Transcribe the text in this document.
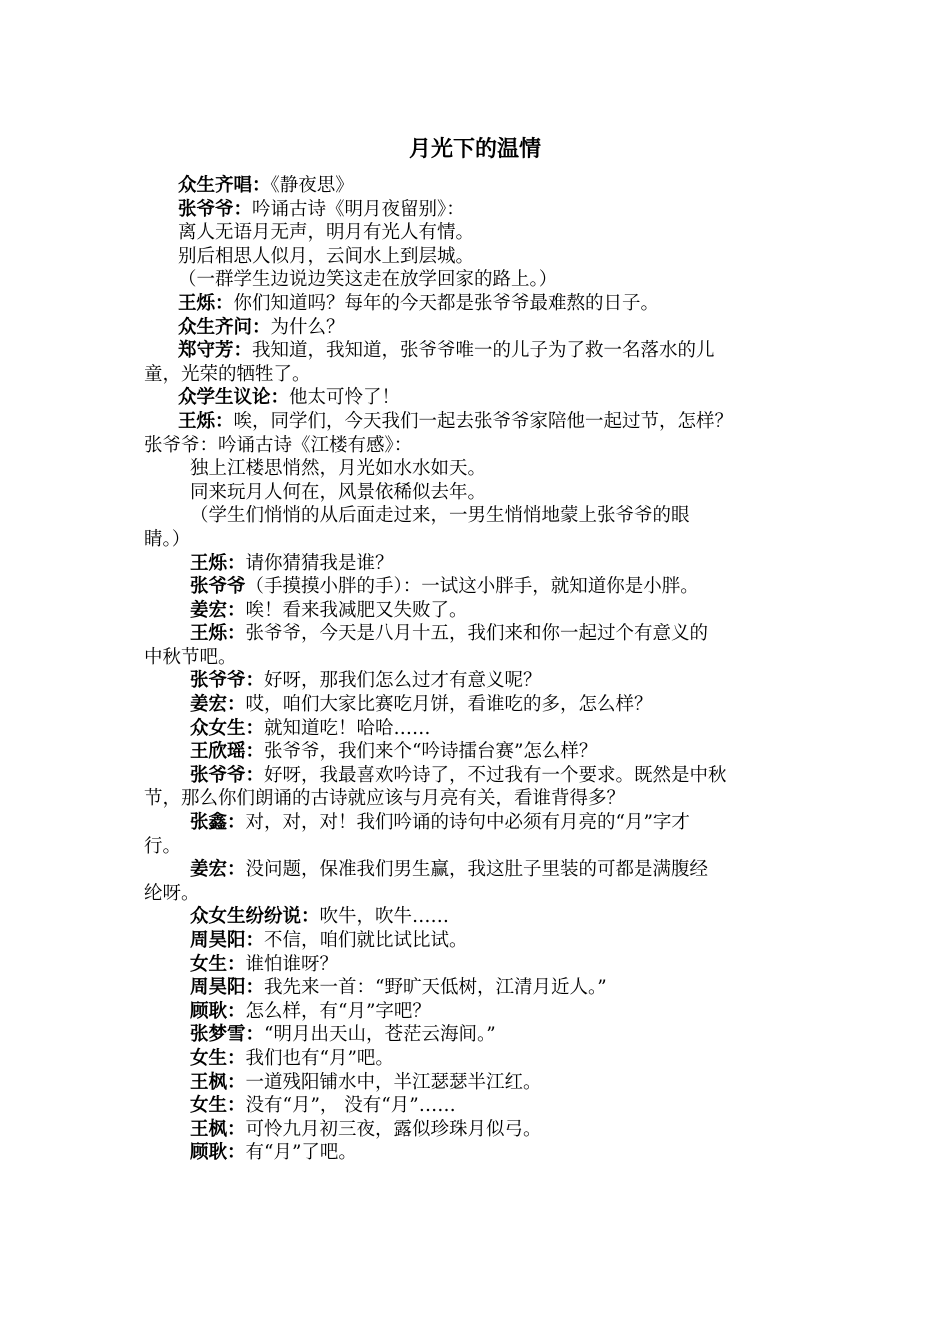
月光下的温情
众生齐唱：《静夜思》
张爷爷：吟诵古诗《明月夜留别》：
离人无语月无声，明月有光人有情。
别后相思人似月，云间水上到层城。
（一群学生边说边笑这走在放学回家的路上。）
王烁：你们知道吗？每年的今天都是张爷爷最难熬的日子。
众生齐问：为什么？
郑守芳：我知道，我知道，张爷爷唯一的儿子为了救一名落水的儿
童，光荣的牺牲了。
众学生议论：他太可怜了！
王烁：唉，同学们，今天我们一起去张爷爷家陪他一起过节，怎样？
张爷爷：吟诵古诗《江楼有感》：
独上江楼思悄然，月光如水水如天。
同来玩月人何在，风景依稀似去年。
（学生们悄悄的从后面走过来，一男生悄悄地蒙上张爷爷的眼
睛。）
王烁：请你猜猜我是谁？
张爷爷（手摸摸小胖的手）：一试这小胖手，就知道你是小胖。
姜宏：唉！看来我减肥又失败了。
王烁：张爷爷，今天是八月十五，我们来和你一起过个有意义的
中秋节吧。
张爷爷：好呀，那我们怎么过才有意义呢？
姜宏：哎，咱们大家比赛吃月饼，看谁吃的多，怎么样？
众女生：就知道吃！哈哈……
王欣瑶：张爷爷，我们来个“吟诗擂台赛”怎么样？
张爷爷：好呀，我最喜欢吟诗了，不过我有一个要求。既然是中秋
节，那么你们朗诵的古诗就应该与月亮有关，看谁背得多？
张鑫：对，对，对！我们吟诵的诗句中必须有月亮的“月”字才
行。
姜宏：没问题，保准我们男生赢，我这肚子里装的可都是满腹经
纶呀。
众女生纷纷说：吹牛，吹牛……
周昊阳：不信，咱们就比试比试。
女生：谁怕谁呀？
周昊阳：我先来一首：“野旷天低树，江清月近人。”
顾耿：怎么样，有“月”字吧？
张梦雪：“明月出天山，苍茫云海间。”
女生：我们也有“月”吧。
王枫：一道残阳铺水中，半江瑟瑟半江红。
女生：没有“月”， 没有“月”……
王枫：可怜九月初三夜，露似珍珠月似弓。
顾耿：有“月”了吧。
